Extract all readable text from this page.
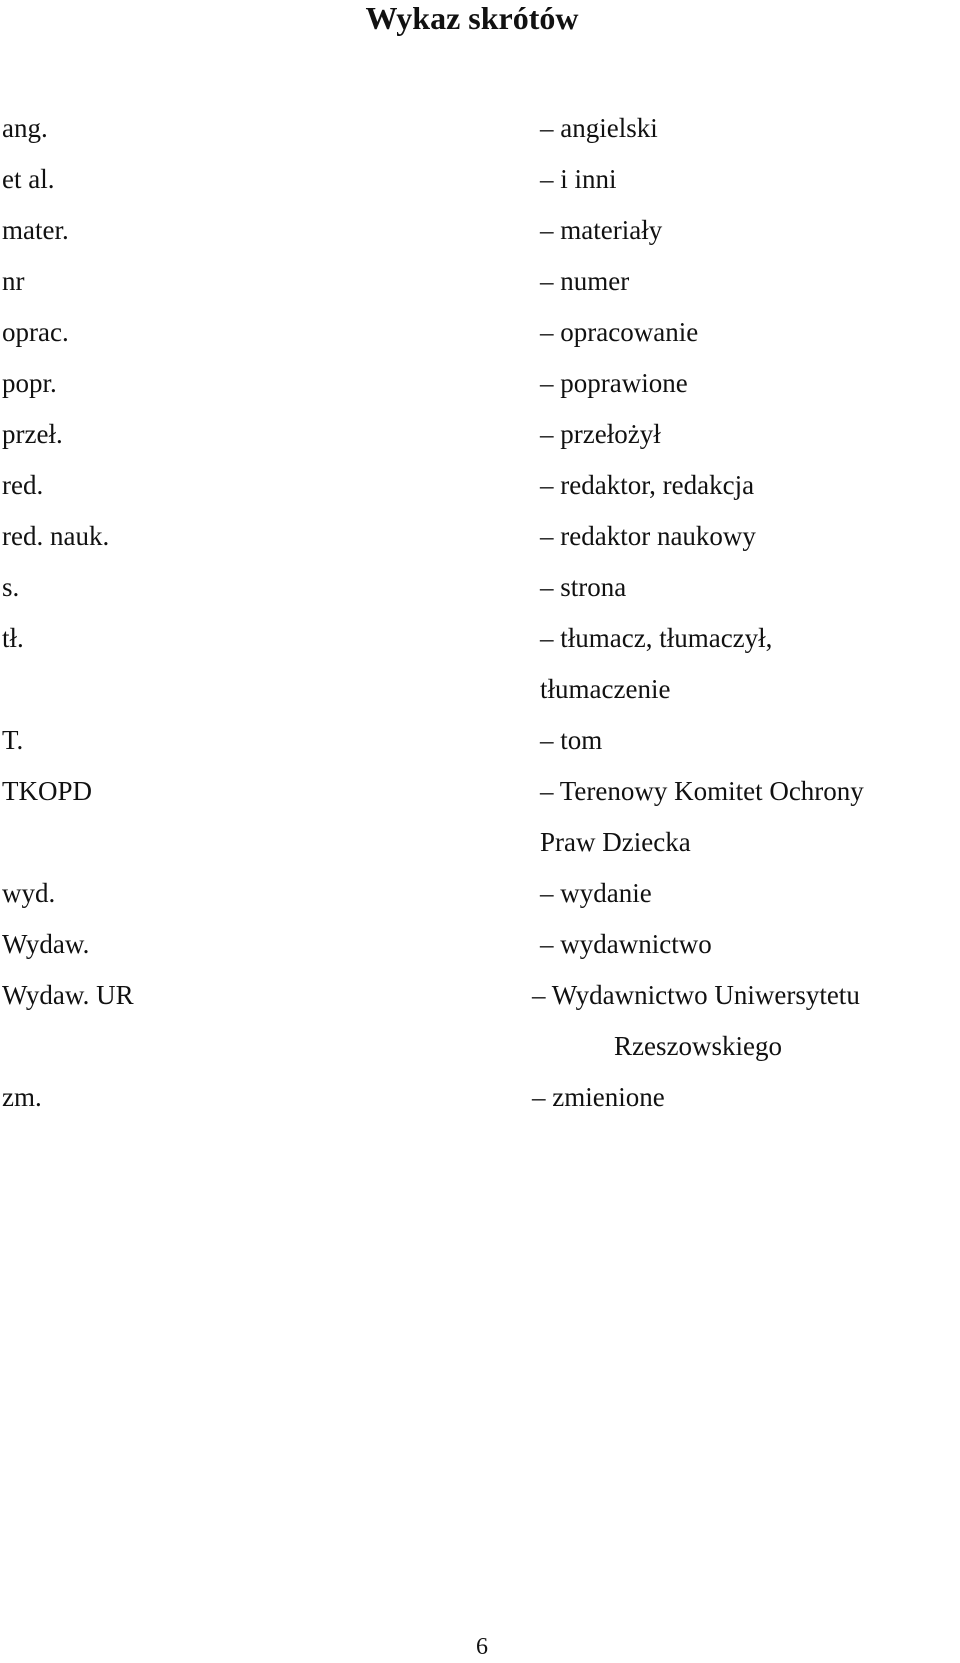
Wykaz skrótów
ang.	– angielski
et al.	– i inni
mater.	– materiały
nr	– numer
oprac.	– opracowanie
popr.	– poprawione
przeł.	– przełożył
red.	– redaktor, redakcja
red. nauk.	– redaktor naukowy
s.	– strona
tł.	– tłumacz, tłumaczył,
tłumaczenie
T.	– tom
TKOPD	– Terenowy Komitet Ochrony
Praw Dziecka
wyd.	– wydanie
Wydaw.	– wydawnictwo
Wydaw. UR	– Wydawnictwo Uniwersytetu
Rzeszowskiego
zm.	– zmienione
6
